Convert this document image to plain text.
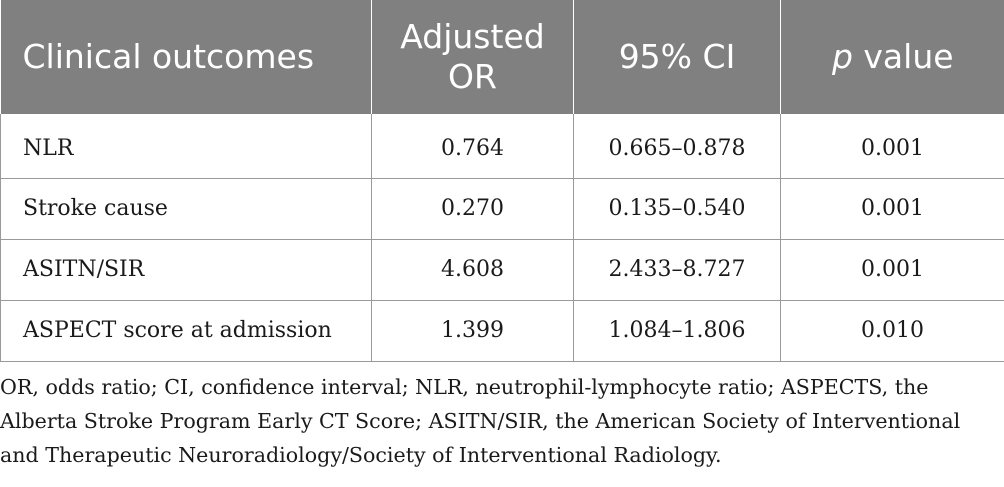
Clinical outcomes	Adjusted OR	95% CI	p value
NLR	0.764	0.665–0.878	0.001
Stroke cause	0.270	0.135–0.540	0.001
ASITN/SIR	4.608	2.433–8.727	0.001
ASPECT score at admission	1.399	1.084–1.806	0.010

OR, odds ratio; CI, confidence interval; NLR, neutrophil-lymphocyte ratio; ASPECTS, the Alberta Stroke Program Early CT Score; ASITN/SIR, the American Society of Interventional and Therapeutic Neuroradiology/Society of Interventional Radiology.
